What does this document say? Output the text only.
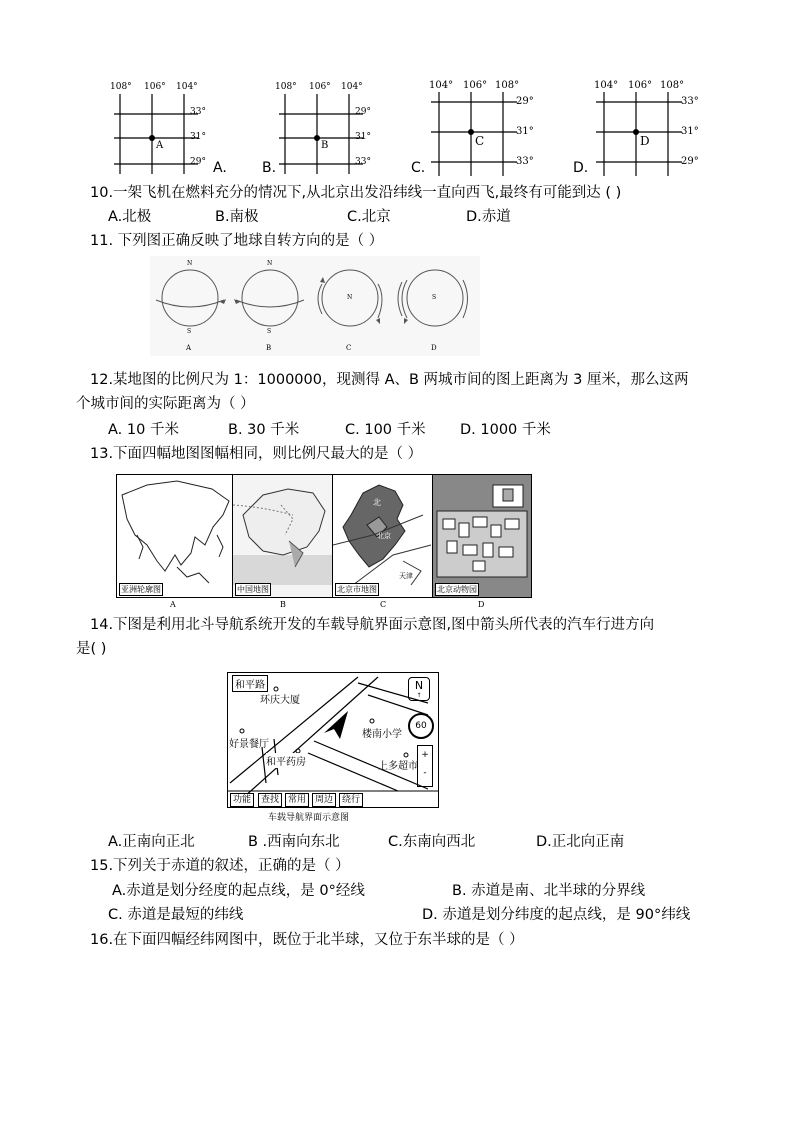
108° 106° 104°
33°
31°
29°
A
A.
108° 106° 104°
29°
31°
33°
B
B.
104° 106° 108°
29°
31°
33°
C
C.
104° 106° 108°
33°
31°
29°
D
D.
10.一架飞机在燃料充分的情况下,从北京出发沿纬线一直向西飞,最终有可能到达 ( )
A.北极	B.南极	C.北京	D.赤道
11. 下列图正确反映了地球自转方向的是（ ）
N
S
A
N
S
B
N
C
S
D
12.某地图的比例尺为 1：1000000，现测得 A、B 两城市间的图上距离为 3 厘米，那么这两
个城市间的实际距离为（ ）
A. 10 千米	B. 30 千米	C. 100 千米 D. 1000 千米
13.下面四幅地图图幅相同，则比例尺最大的是（ ）
亚洲轮廓图	中国地图
北
北京
天津
北京市地图	北京动物园
A	B	C	D
14.下图是利用北斗导航系统开发的车载导航界面示意图,图中箭头所代表的汽车行进方向
是( )
和平路
环庆大厦
好景餐厅
和平药房
楼南小学
上多超市
N
↑
60
+
-
功能	查找 常用 周边 绕行
车载导航界面示意图
A.正南向正北	B .西南向东北	C.东南向西北	D.正北向正南
15.下列关于赤道的叙述，正确的是（ ）
A.赤道是划分经度的起点线，是 0°经线	B. 赤道是南、北半球的分界线
C. 赤道是最短的纬线	D. 赤道是划分纬度的起点线，是 90°纬线
16.在下面四幅经纬网图中，既位于北半球，又位于东半球的是（ ）
